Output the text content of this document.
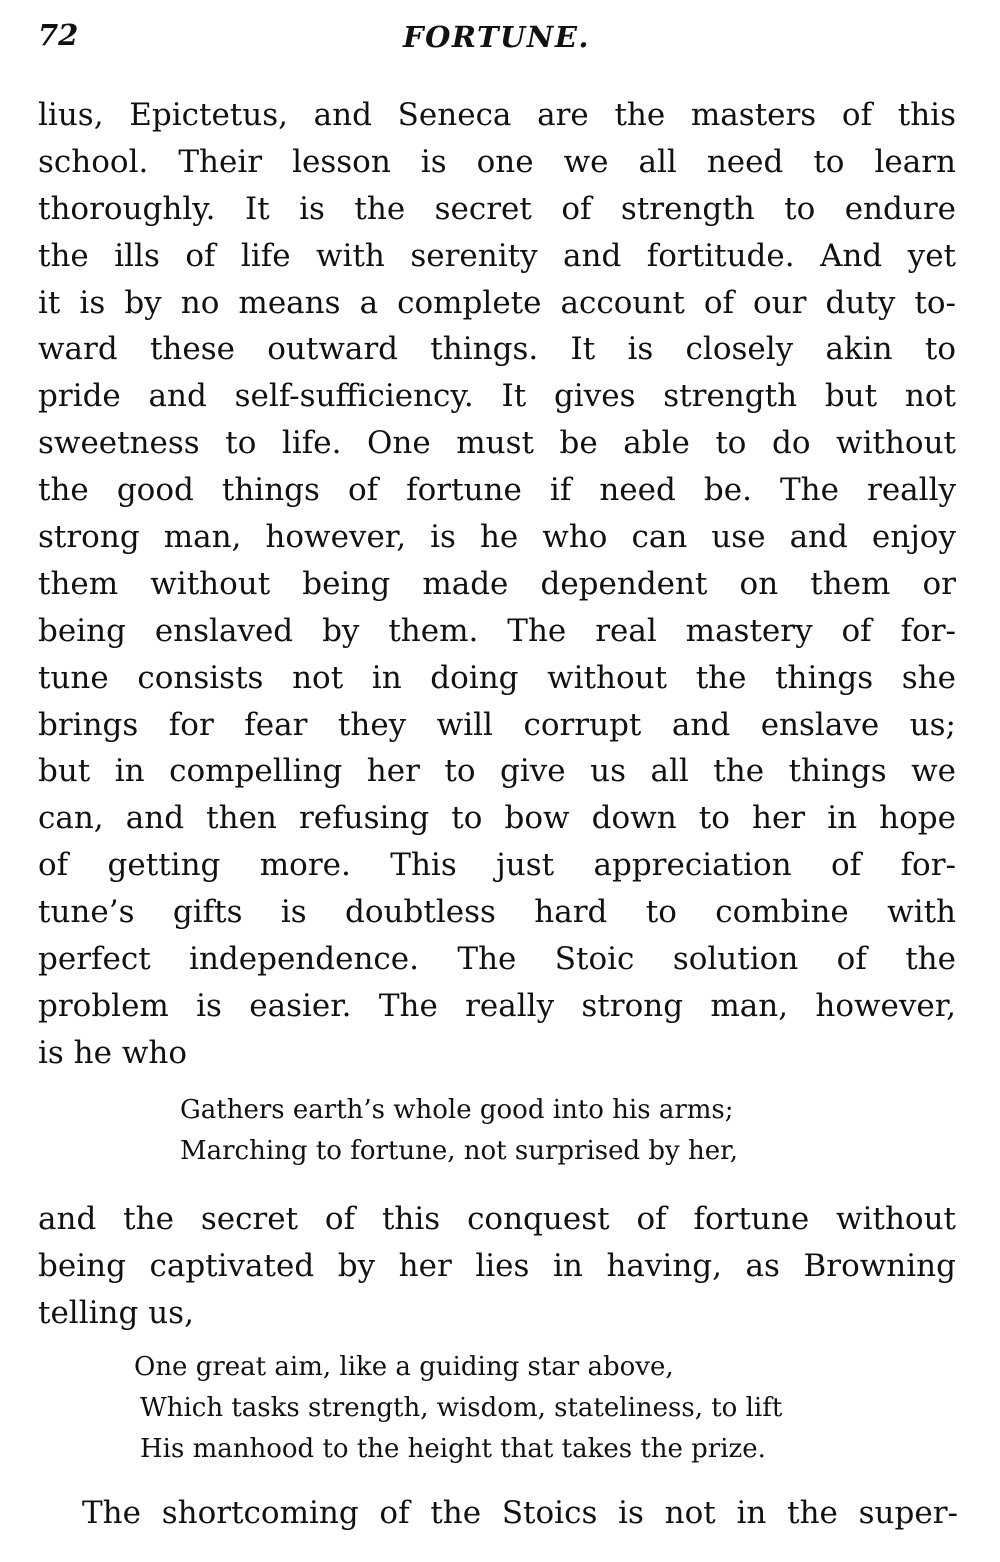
72	FORTUNE.
lius, Epictetus, and Seneca are the masters of this
school. Their lesson is one we all need to learn
thoroughly. It is the secret of strength to endure
the ills of life with serenity and fortitude. And yet
it is by no means a complete account of our duty to-
ward these outward things. It is closely akin to
pride and self-sufficiency. It gives strength but not
sweetness to life. One must be able to do without
the good things of fortune if need be. The really
strong man, however, is he who can use and enjoy
them without being made dependent on them or
being enslaved by them. The real mastery of for-
tune consists not in doing without the things she
brings for fear they will corrupt and enslave us;
but in compelling her to give us all the things we
can, and then refusing to bow down to her in hope
of getting more. This just appreciation of for-
tune’s gifts is doubtless hard to combine with
perfect independence. The Stoic solution of the
problem is easier. The really strong man, however,
is he who
Gathers earth’s whole good into his arms;
Marching to fortune, not surprised by her,
and the secret of this conquest of fortune without
being captivated by her lies in having, as Browning
telling us,
One great aim, like a guiding star above,
Which tasks strength, wisdom, stateliness, to lift
His manhood to the height that takes the prize.
The shortcoming of the Stoics is not in the super-
